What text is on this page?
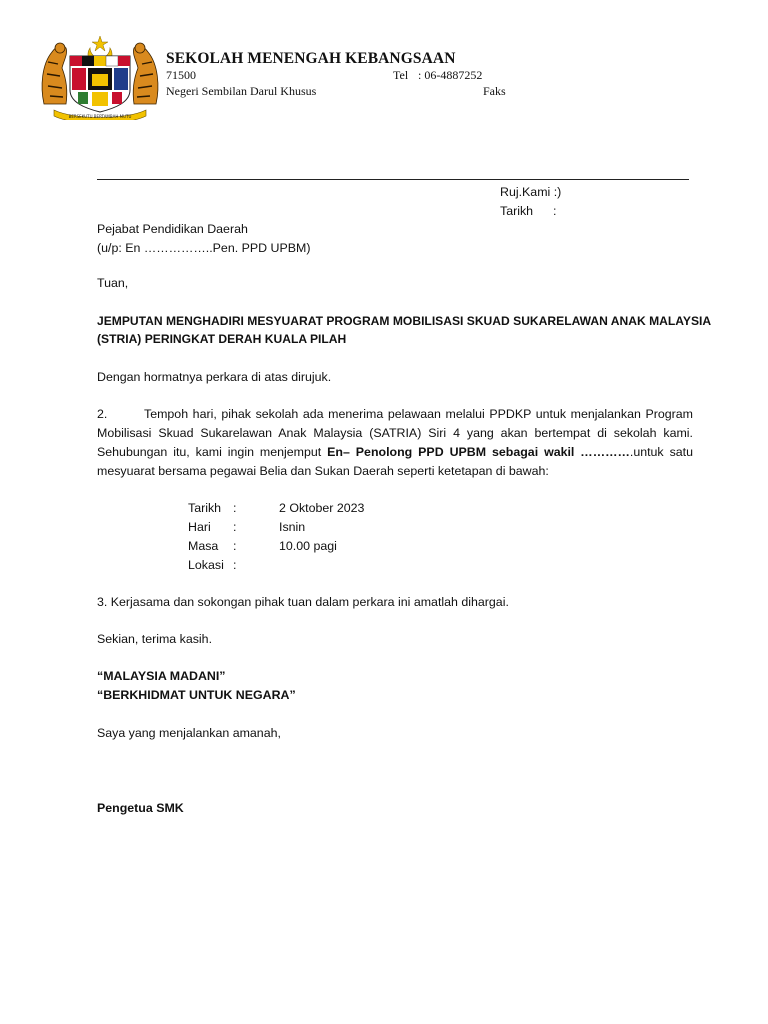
BERSEKUTU BERTAMBAH MUTU
SEKOLAH MENENGAH KEBANGSAAN
71500
Negeri Sembilan Darul Khusus
Tel : 06-4887252
Faks
Ruj.Kami :)
Tarikh :
Pejabat Pendidikan Daerah
(u/p: En ……………..Pen. PPD UPBM)
Tuan,
JEMPUTAN MENGHADIRI MESYUARAT PROGRAM MOBILISASI SKUAD SUKARELAWAN ANAK MALAYSIA
(STRIA) PERINGKAT DERAH KUALA PILAH
Dengan hormatnya perkara di atas dirujuk.
2.	Tempoh hari, pihak sekolah ada menerima pelawaan melalui PPDKP untuk menjalankan Program
Mobilisasi Skuad Sukarelawan Anak Malaysia (SATRIA) Siri 4 yang akan bertempat di sekolah kami.
Sehubungan itu, kami ingin menjemput En– Penolong PPD UPBM sebagai wakil ………….untuk satu
mesyuarat bersama pegawai Belia dan Sukan Daerah seperti ketetapan di bawah:
Tarikh :	2 Oktober 2023
Hari :	Isnin
Masa :	10.00 pagi
Lokasi :
3. Kerjasama dan sokongan pihak tuan dalam perkara ini amatlah dihargai.
Sekian, terima kasih.
“MALAYSIA MADANI”
“BERKHIDMAT UNTUK NEGARA”
Saya yang menjalankan amanah,
Pengetua SMK
